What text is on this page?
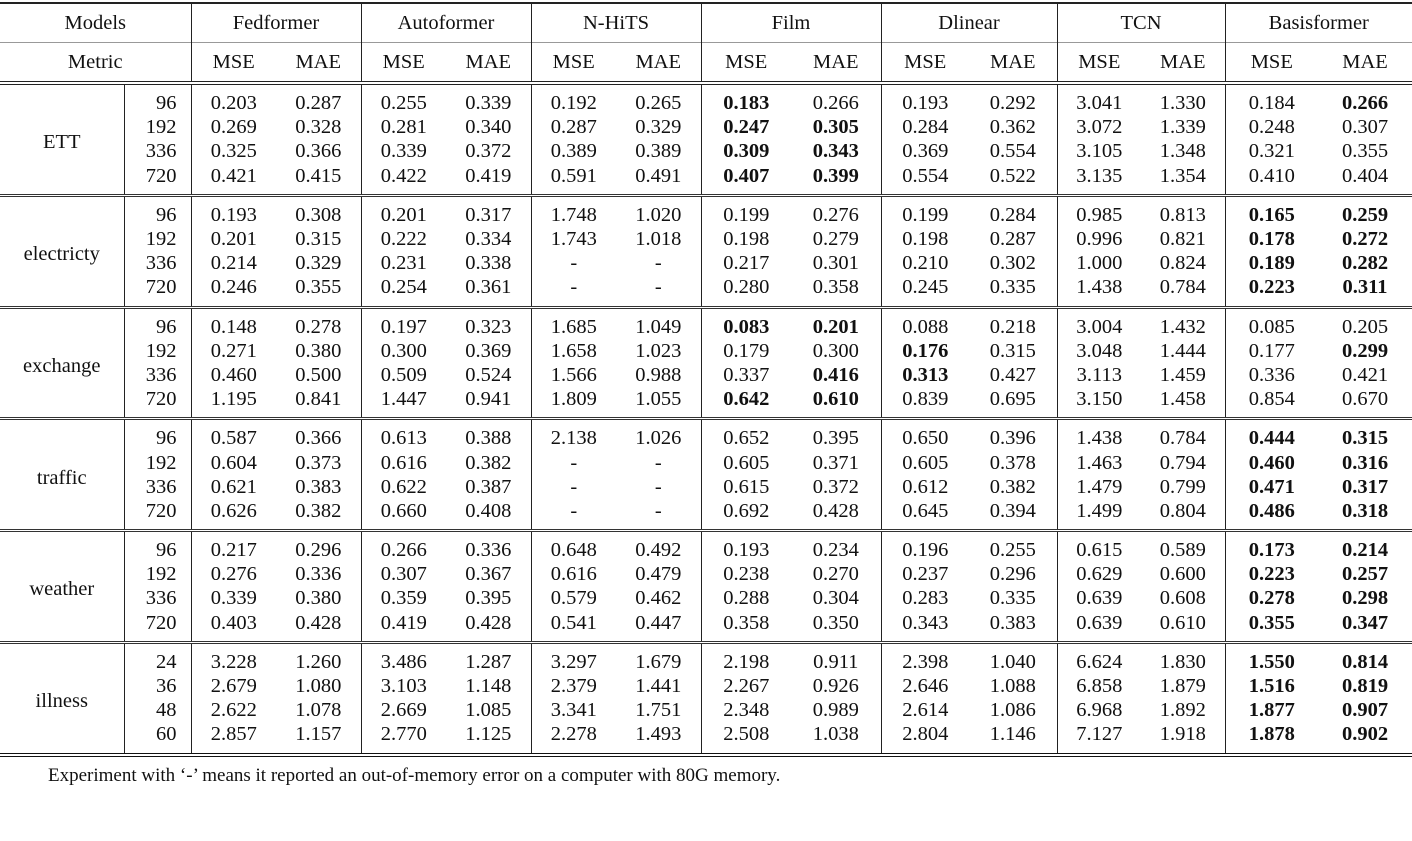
Models		Fedformer		Autoformer		N-HiTS		Film		Dlinear		TCN		Basisformer	
Metric		MSE	MAE	MSE	MAE	MSE	MAE	MSE	MAE	MSE	MAE	MSE	MAE	MSE	MAE
ETT	96	0.203	0.287	0.255	0.339	0.192	0.265	0.183	0.266	0.193	0.292	3.041	1.330	0.184	0.266
	192	0.269	0.328	0.281	0.340	0.287	0.329	0.247	0.305	0.284	0.362	3.072	1.339	0.248	0.307
	336	0.325	0.366	0.339	0.372	0.389	0.389	0.309	0.343	0.369	0.554	3.105	1.348	0.321	0.355
	720	0.421	0.415	0.422	0.419	0.591	0.491	0.407	0.399	0.554	0.522	3.135	1.354	0.410	0.404
electricty	96	0.193	0.308	0.201	0.317	1.748	1.020	0.199	0.276	0.199	0.284	0.985	0.813	0.165	0.259
	192	0.201	0.315	0.222	0.334	1.743	1.018	0.198	0.279	0.198	0.287	0.996	0.821	0.178	0.272
	336	0.214	0.329	0.231	0.338	-	-	0.217	0.301	0.210	0.302	1.000	0.824	0.189	0.282
	720	0.246	0.355	0.254	0.361	-	-	0.280	0.358	0.245	0.335	1.438	0.784	0.223	0.311
exchange	96	0.148	0.278	0.197	0.323	1.685	1.049	0.083	0.201	0.088	0.218	3.004	1.432	0.085	0.205
	192	0.271	0.380	0.300	0.369	1.658	1.023	0.179	0.300	0.176	0.315	3.048	1.444	0.177	0.299
	336	0.460	0.500	0.509	0.524	1.566	0.988	0.337	0.416	0.313	0.427	3.113	1.459	0.336	0.421
	720	1.195	0.841	1.447	0.941	1.809	1.055	0.642	0.610	0.839	0.695	3.150	1.458	0.854	0.670
traffic	96	0.587	0.366	0.613	0.388	2.138	1.026	0.652	0.395	0.650	0.396	1.438	0.784	0.444	0.315
	192	0.604	0.373	0.616	0.382	-	-	0.605	0.371	0.605	0.378	1.463	0.794	0.460	0.316
	336	0.621	0.383	0.622	0.387	-	-	0.615	0.372	0.612	0.382	1.479	0.799	0.471	0.317
	720	0.626	0.382	0.660	0.408	-	-	0.692	0.428	0.645	0.394	1.499	0.804	0.486	0.318
weather	96	0.217	0.296	0.266	0.336	0.648	0.492	0.193	0.234	0.196	0.255	0.615	0.589	0.173	0.214
	192	0.276	0.336	0.307	0.367	0.616	0.479	0.238	0.270	0.237	0.296	0.629	0.600	0.223	0.257
	336	0.339	0.380	0.359	0.395	0.579	0.462	0.288	0.304	0.283	0.335	0.639	0.608	0.278	0.298
	720	0.403	0.428	0.419	0.428	0.541	0.447	0.358	0.350	0.343	0.383	0.639	0.610	0.355	0.347
illness	24	3.228	1.260	3.486	1.287	3.297	1.679	2.198	0.911	2.398	1.040	6.624	1.830	1.550	0.814
	36	2.679	1.080	3.103	1.148	2.379	1.441	2.267	0.926	2.646	1.088	6.858	1.879	1.516	0.819
	48	2.622	1.078	2.669	1.085	3.341	1.751	2.348	0.989	2.614	1.086	6.968	1.892	1.877	0.907
	60	2.857	1.157	2.770	1.125	2.278	1.493	2.508	1.038	2.804	1.146	7.127	1.918	1.878	0.902
Experiment with ‘-’ means it reported an out-of-memory error on a computer with 80G memory.
